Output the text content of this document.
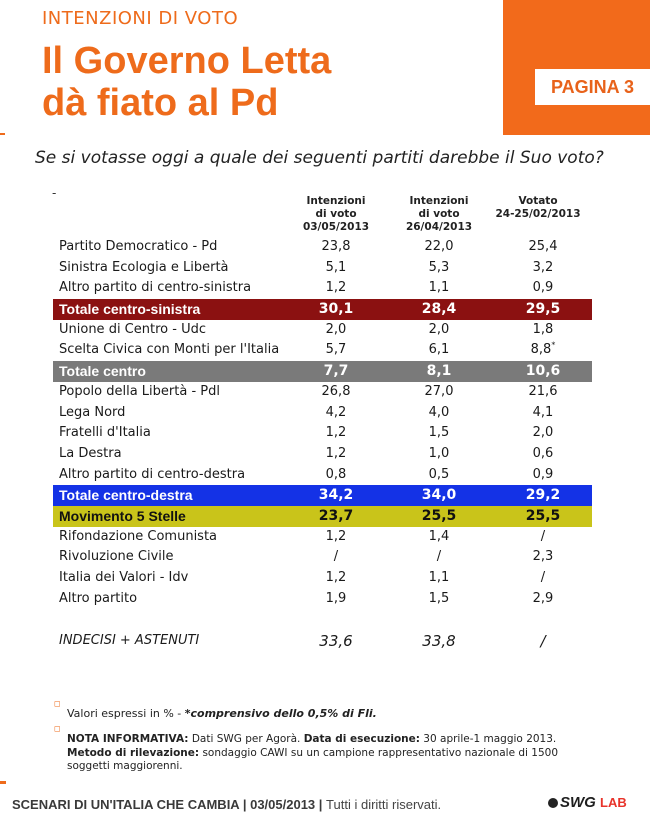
INTENZIONI DI VOTO
Il Governo Letta
dà fiato al Pd	PAGINA 3
Se si votasse oggi a quale dei seguenti partiti darebbe il Suo voto?
-
Intenzioni
di voto
03/05/2013
Intenzioni
di voto
26/04/2013
Votato
24-25/02/2013
Partito Democratico - Pd	23,8	22,0	25,4
Sinistra Ecologia e Libertà	5,1	5,3	3,2
Altro partito di centro-sinistra	1,2	1,1	0,9
Totale centro-sinistra	30,1	28,4	29,5
Unione di Centro - Udc	2,0	2,0	1,8
Scelta Civica con Monti per l'Italia	5,7	6,1	8,8*
Totale centro	7,7	8,1	10,6
Popolo della Libertà - Pdl	26,8	27,0	21,6
Lega Nord	4,2	4,0	4,1
Fratelli d'Italia	1,2	1,5	2,0
La Destra	1,2	1,0	0,6
Altro partito di centro-destra	0,8	0,5	0,9
Totale centro-destra	34,2	34,0	29,2
Movimento 5 Stelle	23,7	25,5	25,5
Rifondazione Comunista	1,2	1,4	/
Rivoluzione Civile	/	/	2,3
Italia dei Valori - Idv	1,2	1,1	/
Altro partito	1,9	1,5	2,9
INDECISI + ASTENUTI	33,6	33,8	/
◻
Valori espressi in % - *comprensivo dello 0,5% di Fli.
◻
NOTA INFORMATIVA: Dati SWG per Agorà. Data di esecuzione: 30 aprile-1 maggio 2013.
Metodo di rilevazione: sondaggio CAWI su un campione rappresentativo nazionale di 1500 soggetti maggiorenni.
SCENARI DI UN'ITALIA CHE CAMBIA | 03/05/2013 | Tutti i diritti riservati.	SWG LAB
